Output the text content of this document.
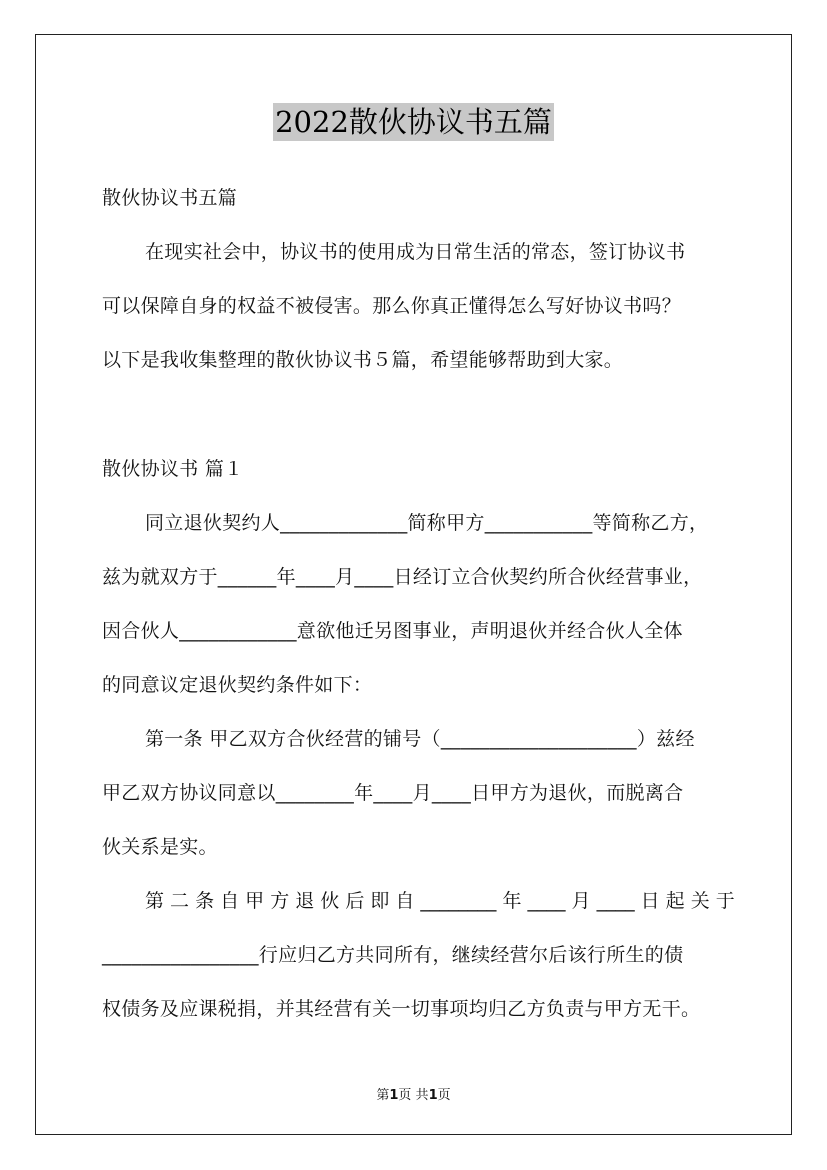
2022散伙协议书五篇
散伙协议书五篇
在现实社会中，协议书的使用成为日常生活的常态，签订协议书
可以保障自身的权益不被侵害。那么你真正懂得怎么写好协议书吗？
以下是我收集整理的散伙协议书５篇，希望能够帮助到大家。
散伙协议书 篇１
同立退伙契约人_____________简称甲方___________等简称乙方，
兹为就双方于______年____月____日经订立合伙契约所合伙经营事业，
因合伙人____________意欲他迁另图事业，声明退伙并经合伙人全体
的同意议定退伙契约条件如下：
第一条 甲乙双方合伙经营的铺号（____________________）兹经
甲乙双方协议同意以________年____月____日甲方为退伙，而脱离合
伙关系是实。
第 二 条 自 甲 方 退 伙 后 即 自 ________ 年 ____ 月 ____ 日 起 关 于
________________行应归乙方共同所有，继续经营尔后该行所生的债
权债务及应课税捐，并其经营有关一切事项均归乙方负责与甲方无干。
第1页 共1页
